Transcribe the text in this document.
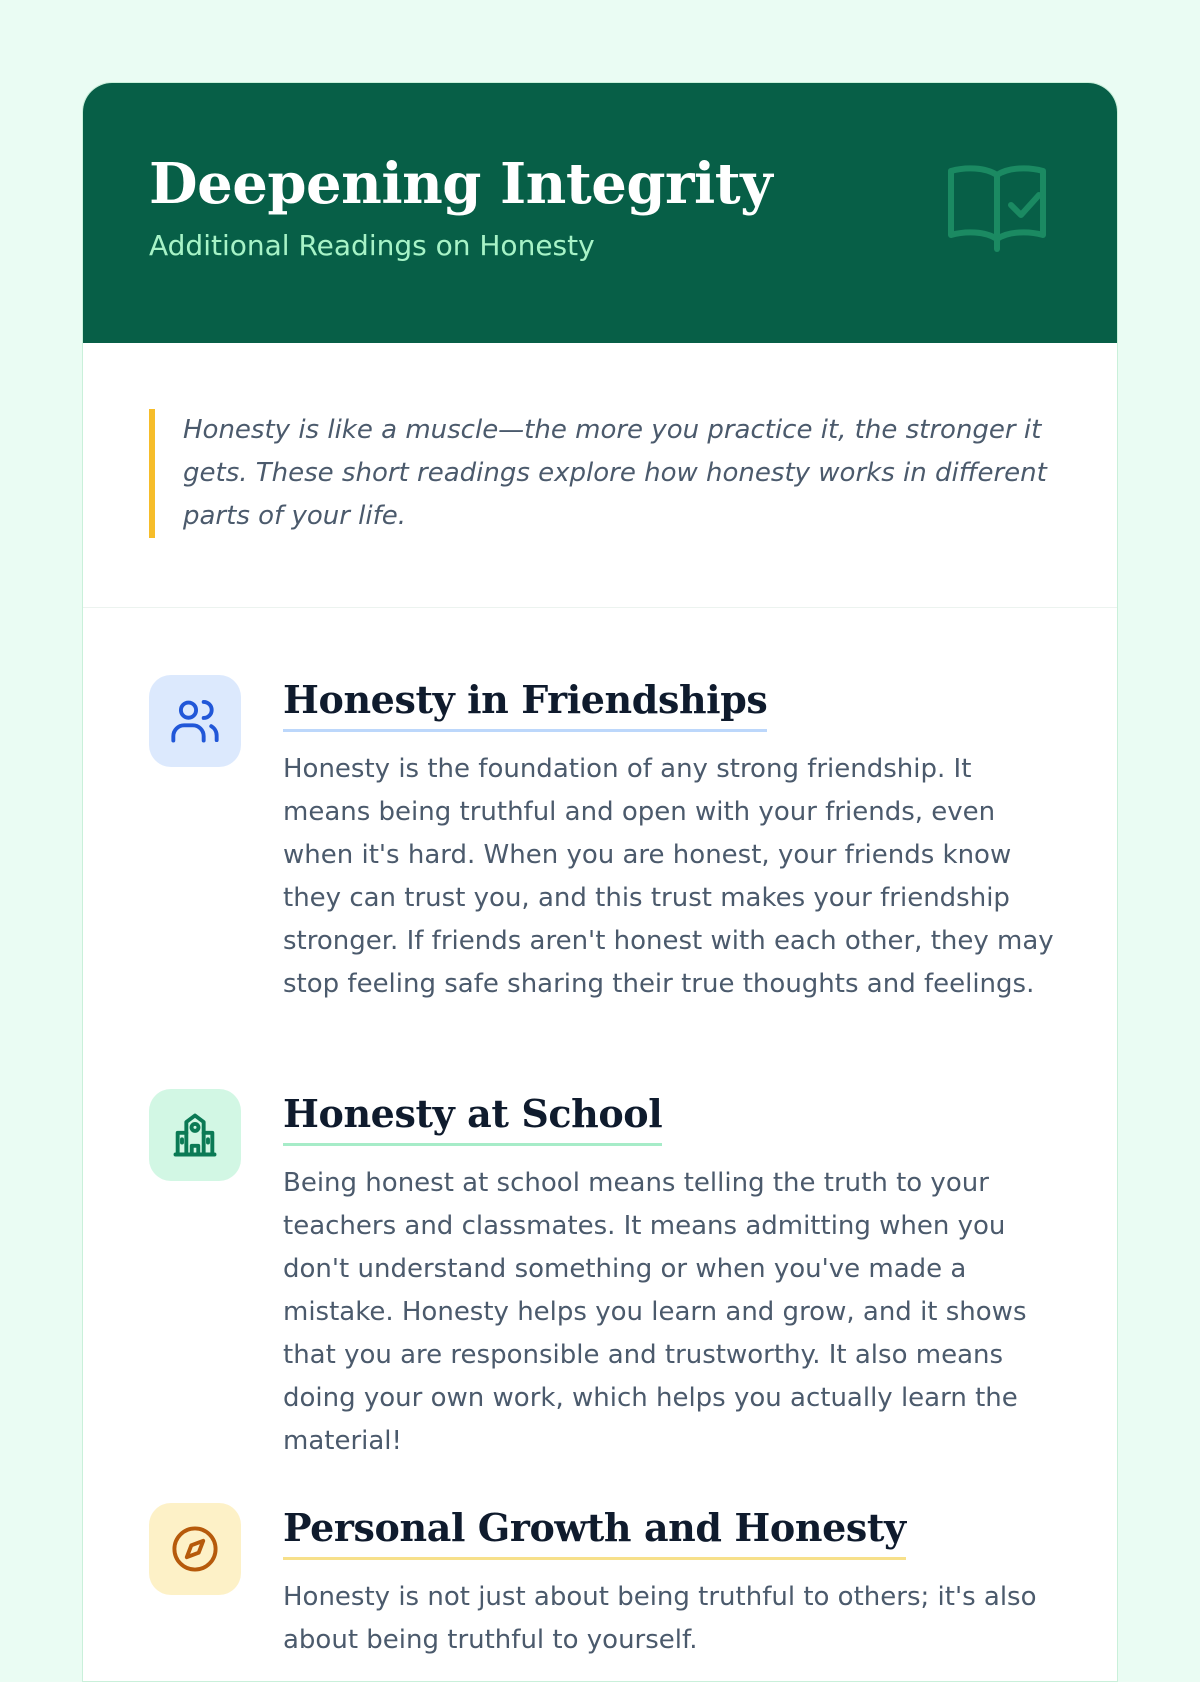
Deepening Integrity
Additional Readings on Honesty

Honesty is like a muscle—the more you practice it, the stronger it gets. These short readings explore how honesty works in different parts of your life.

Honesty in Friendships

Honesty is the foundation of any strong friendship. It means being truthful and open with your friends, even when it's hard. When you are honest, your friends know they can trust you, and this trust makes your friendship stronger. If friends aren't honest with each other, they may stop feeling safe sharing their true thoughts and feelings.

Honesty at School

Being honest at school means telling the truth to your teachers and classmates. It means admitting when you don't understand something or when you've made a mistake. Honesty helps you learn and grow, and it shows that you are responsible and trustworthy. It also means doing your own work, which helps you actually learn the material!

Personal Growth and Honesty

Honesty is not just about being truthful to others; it's also about being truthful to yourself.
